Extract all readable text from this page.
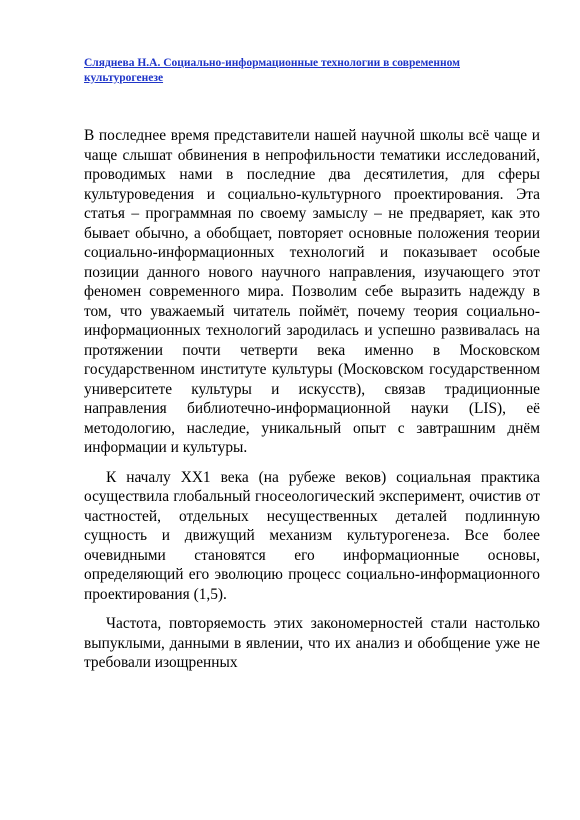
Сляднева Н.А. Социально-информационные технологии в современном культурогенезе

В последнее время представители нашей научной школы всё чаще и чаще слышат обвинения в непрофильности тематики исследований, проводимых нами в последние два десятилетия, для сферы культуроведения и социально-культурного проектирования. Эта статья – программная по своему замыслу – не предваряет, как это бывает обычно, а обобщает, повторяет основные положения теории социально-информационных технологий и показывает особые позиции данного нового научного направления, изучающего этот феномен современного мира. Позволим себе выразить надежду в том, что уважаемый читатель поймёт, почему теория социально-информационных технологий зародилась и успешно развивалась на протяжении почти четверти века именно в Московском государственном институте культуры (Московском государственном университете культуры и искусств), связав традиционные направления библиотечно-информационной науки (LIS), её методологию, наследие, уникальный опыт с завтрашним днём информации и культуры.

К началу ХХ1 века (на рубеже веков) социальная практика осуществила глобальный гносеологический эксперимент, очистив от частностей, отдельных несущественных деталей подлинную сущность и движущий механизм культурогенеза. Все более очевидными становятся его информационные основы, определяющий его эволюцию процесс социально-информационного проектирования (1,5).

Частота, повторяемость этих закономерностей стали настолько выпуклыми, данными в явлении, что их анализ и обобщение уже не требовали изощренных
